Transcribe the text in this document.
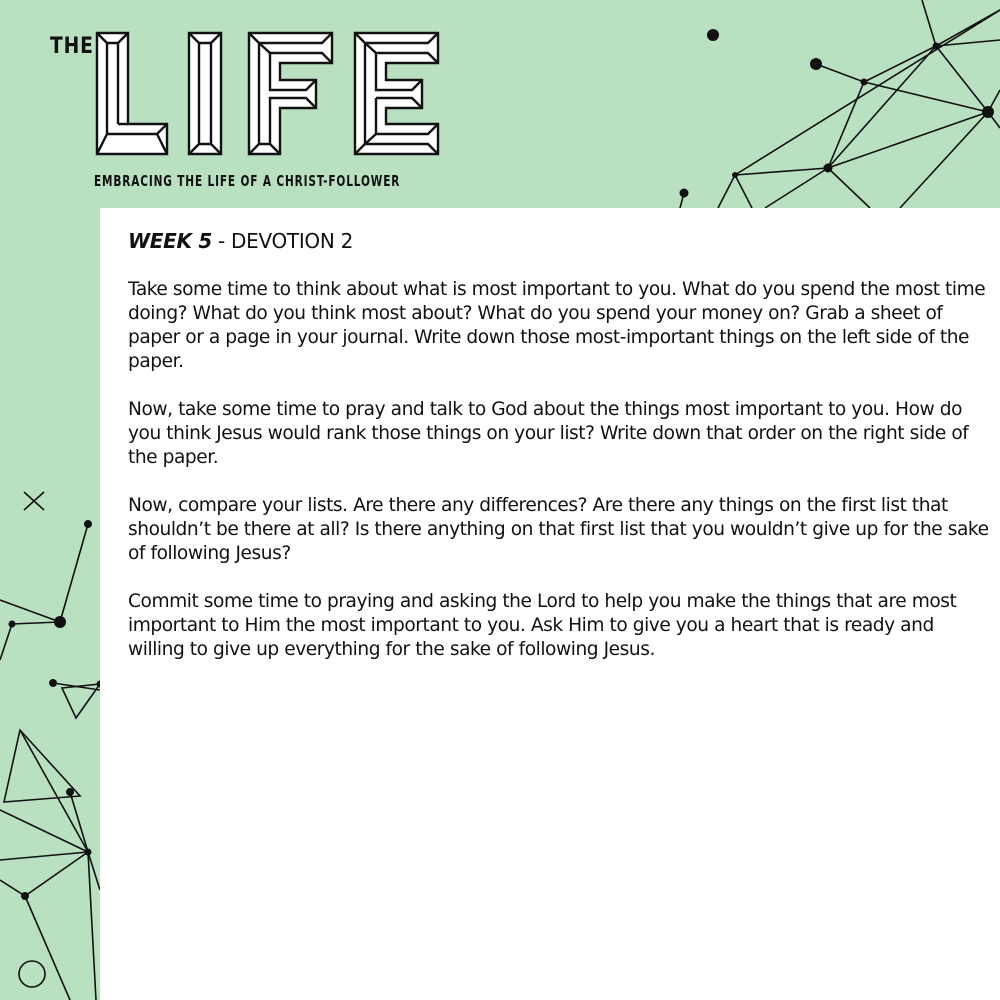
THE
EMBRACING THE LIFE OF A CHRIST-FOLLOWER
WEEK 5 - DEVOTION 2

Take some time to think about what is most important to you. What do you spend the most time doing? What do you think most about? What do you spend your money on? Grab a sheet of paper or a page in your journal. Write down those most-important things on the left side of the paper.

Now, take some time to pray and talk to God about the things most important to you. How do you think Jesus would rank those things on your list? Write down that order on the right side of the paper.

Now, compare your lists. Are there any differences? Are there any things on the first list that shouldn’t be there at all? Is there anything on that first list that you wouldn’t give up for the sake of following Jesus?

Commit some time to praying and asking the Lord to help you make the things that are most important to Him the most important to you. Ask Him to give you a heart that is ready and willing to give up everything for the sake of following Jesus.
